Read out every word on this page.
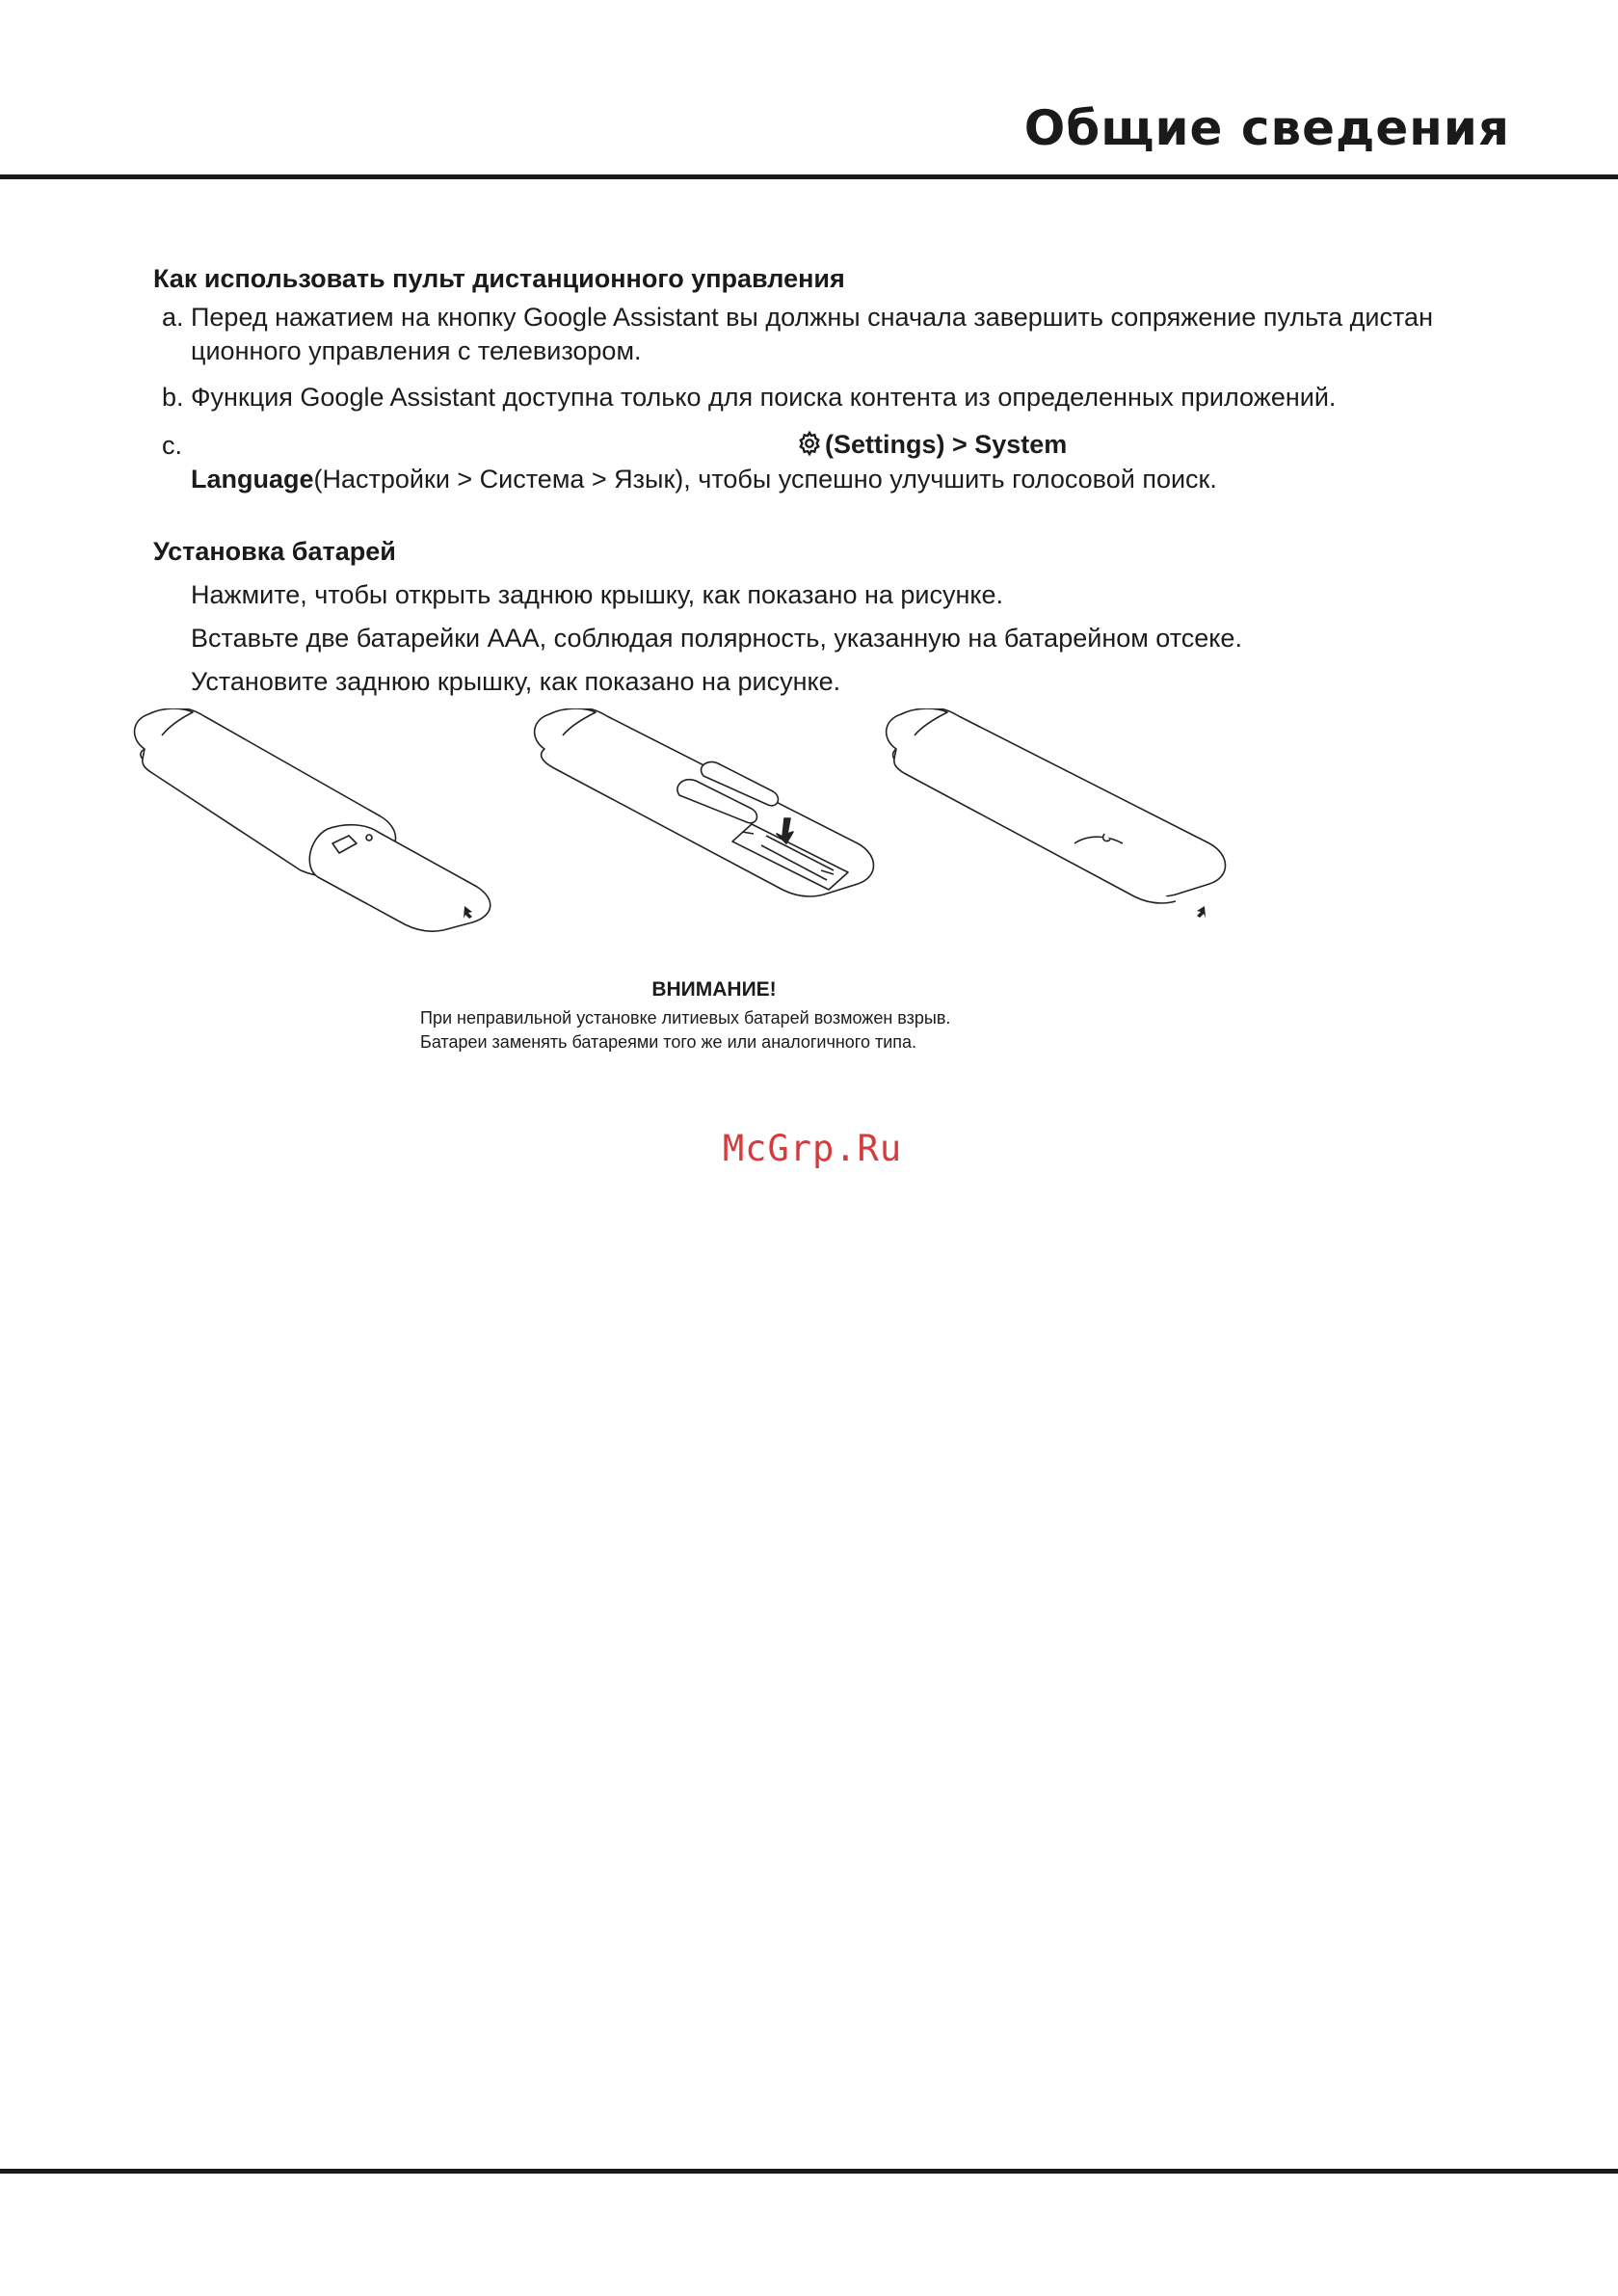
Общие сведения
Как использовать пульт дистанционного управления
a. Перед нажатием на кнопку Google Assistant вы должны сначала завершить сопряжение пульта дистан

ционного управления с телевизором.

b. Функция Google Assistant доступна только для поиска контента из определенных приложений.

c.	(Settings) > System

Language(Настройки > Система > Язык), чтобы успешно улучшить голосовой поиск.

Установка батарей

Нажмите, чтобы открыть заднюю крышку, как показано на рисунке.

Вставьте две батарейки AAA, соблюдая полярность, указанную на батарейном отсеке.

Установите заднюю крышку, как показано на рисунке.

ВНИМАНИЕ!

При неправильной установке литиевых батарей возможен взрыв.

Батареи заменять батареями того же или аналогичного типа.

McGrp.Ru
